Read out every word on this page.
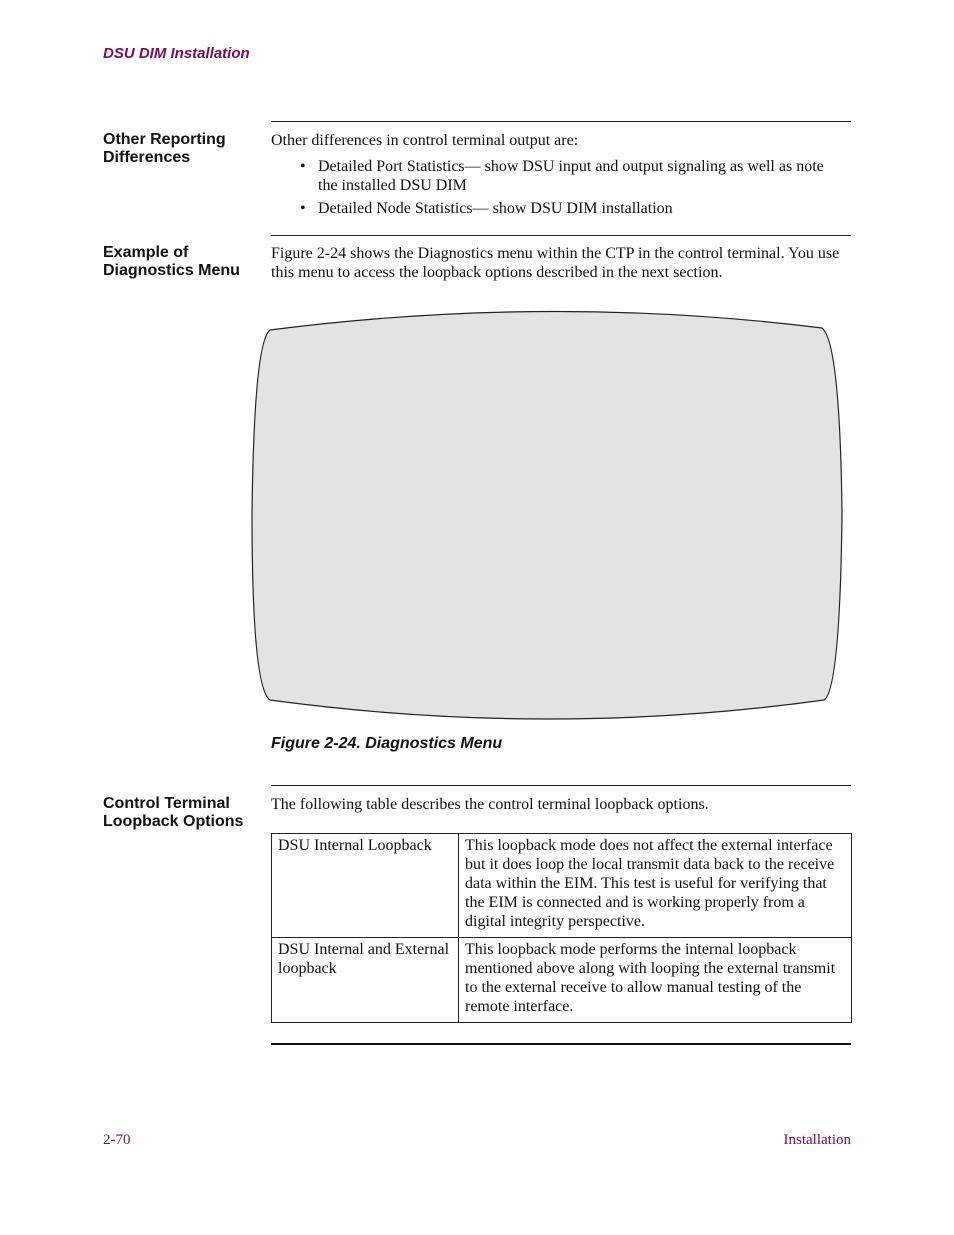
DSU DIM Installation
Other Reporting Differences
Other differences in control terminal output are:
• Detailed Port Statistics— show DSU input and output signaling as well as note the installed DSU DIM
• Detailed Node Statistics— show DSU DIM installation
Example of Diagnostics Menu
Figure 2-24 shows the Diagnostics menu within the CTP in the control terminal. You use this menu to access the loopback options described in the next section.
Figure 2-24. Diagnostics Menu
Control Terminal Loopback Options
The following table describes the control terminal loopback options.
DSU Internal Loopback	This loopback mode does not affect the external interface but it does loop the local transmit data back to the receive data within the EIM. This test is useful for verifying that the EIM is connected and is working properly from a digital integrity perspective.
DSU Internal and External loopback	This loopback mode performs the internal loopback mentioned above along with looping the external transmit to the external receive to allow manual testing of the remote interface.
2-70	Installation
